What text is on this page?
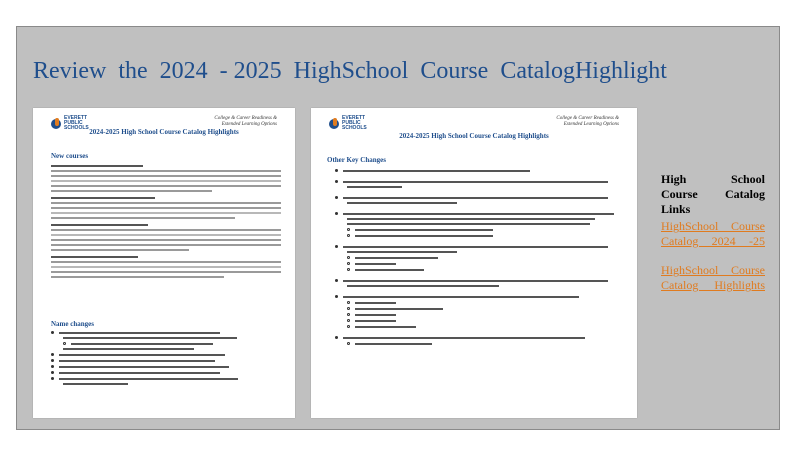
Review the 2024 - 2025 HighSchool Course CatalogHighlight
EVERETT
PUBLIC
SCHOOLS
College & Career Readiness &
Extended Learning Options
2024-2025 High School Course Catalog Highlights
New courses
Name changes
EVERETT
PUBLIC
SCHOOLS
College & Career Readiness &
Extended Learning Options
2024-2025 High School Course Catalog Highlights
Other Key Changes
High School
Course Catalog
Links
HighSchool Course
Catalog 2024 -25
HighSchool Course
Catalog Highlights
